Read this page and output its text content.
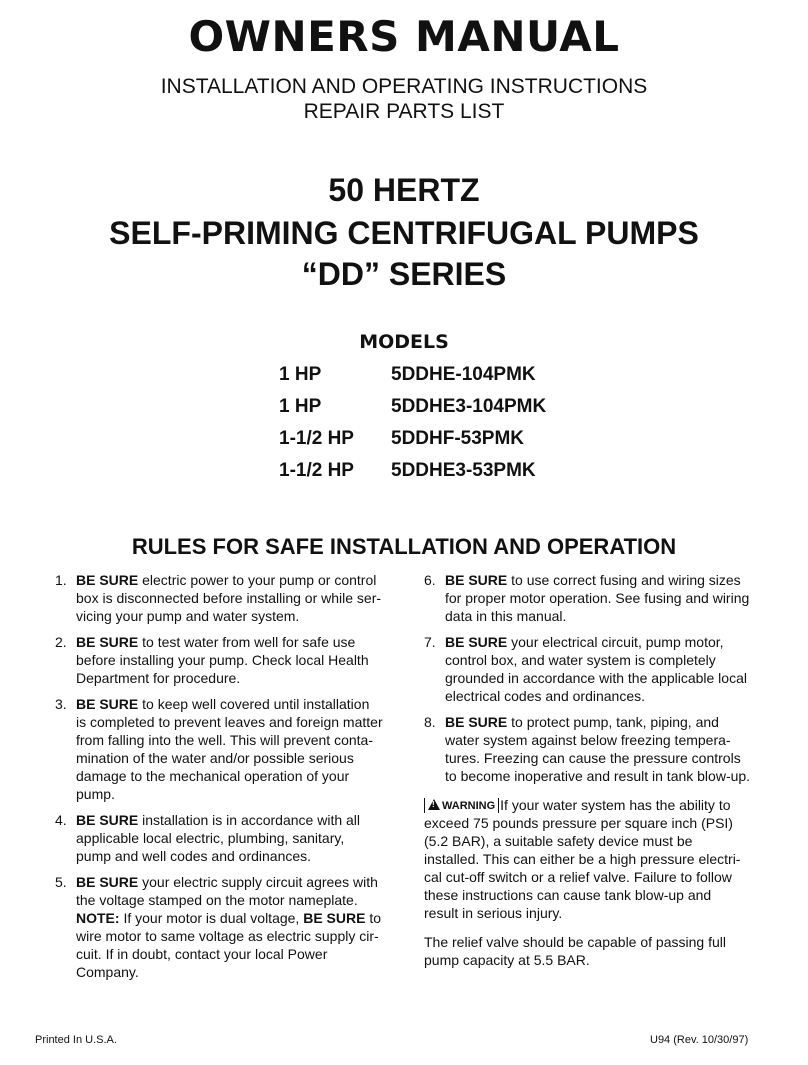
OWNERS MANUAL
INSTALLATION AND OPERATING INSTRUCTIONS
REPAIR PARTS LIST
50 HERTZ
SELF-PRIMING CENTRIFUGAL PUMPS
“DD” SERIES
MODELS
1 HP	5DDHE-104PMK
1 HP	5DDHE3-104PMK
1-1/2 HP 5DDHF-53PMK
1-1/2 HP 5DDHE3-53PMK
RULES FOR SAFE INSTALLATION AND OPERATION
1. BE SURE electric power to your pump or control
box is disconnected before installing or while ser-
vicing your pump and water system.
2. BE SURE to test water from well for safe use
before installing your pump. Check local Health
Department for procedure.
3. BE SURE to keep well covered until installation
is completed to prevent leaves and foreign matter
from falling into the well. This will prevent conta-
mination of the water and/or possible serious
damage to the mechanical operation of your
pump.
4. BE SURE installation is in accordance with all
applicable local electric, plumbing, sanitary,
pump and well codes and ordinances.
5. BE SURE your electric supply circuit agrees with
the voltage stamped on the motor nameplate.
NOTE: If your motor is dual voltage, BE SURE to
wire motor to same voltage as electric supply cir-
cuit. If in doubt, contact your local Power
Company.
6. BE SURE to use correct fusing and wiring sizes
for proper motor operation. See fusing and wiring
data in this manual.
7. BE SURE your electrical circuit, pump motor,
control box, and water system is completely
grounded in accordance with the applicable local
electrical codes and ordinances.
8. BE SURE to protect pump, tank, piping, and
water system against below freezing tempera-
tures. Freezing can cause the pressure controls
to become inoperative and result in tank blow-up.
!WARNING If your water system has the ability to
exceed 75 pounds pressure per square inch (PSI)
(5.2 BAR), a suitable safety device must be
installed. This can either be a high pressure electri-
cal cut-off switch or a relief valve. Failure to follow
these instructions can cause tank blow-up and
result in serious injury.
The relief valve should be capable of passing full
pump capacity at 5.5 BAR.
Printed In U.S.A.	U94 (Rev. 10/30/97)
